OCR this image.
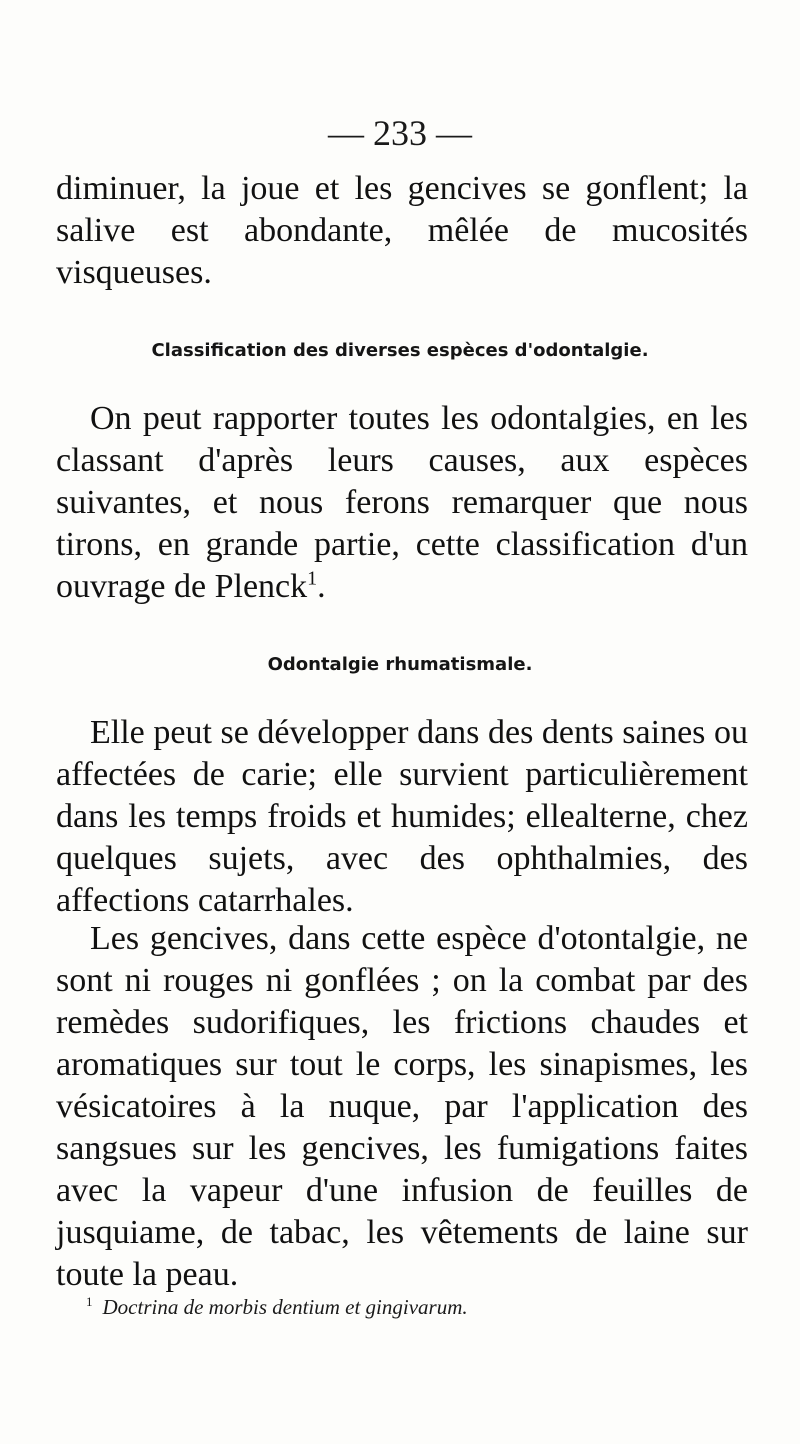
— 233 —

diminuer, la joue et les gencives se gonflent; la salive est abondante, mêlée de mucosités visqueuses.

Classification des diverses espèces d'odontalgie.

On peut rapporter toutes les odontalgies, en les classant d'après leurs causes, aux espèces suivantes, et nous ferons remarquer que nous tirons, en grande partie, cette classification d'un ouvrage de Plenck$^1$.

Odontalgie rhumatismale.

Elle peut se développer dans des dents saines ou affectées de carie; elle survient particulièrement dans les temps froids et humides; ellealterne, chez quelques sujets, avec des ophthalmies, des affections catarrhales.

Les gencives, dans cette espèce d'otontalgie, ne sont ni rouges ni gonflées ; on la combat par des remèdes sudorifiques, les frictions chaudes et aromatiques sur tout le corps, les sinapismes, les vésicatoires à la nuque, par l'application des sangsues sur les gencives, les fumigations faites avec la vapeur d'une infusion de feuilles de jusquiame, de tabac, les vêtements de laine sur toute la peau.

$^1$ Doctrina de morbis dentium et gingivarum.
